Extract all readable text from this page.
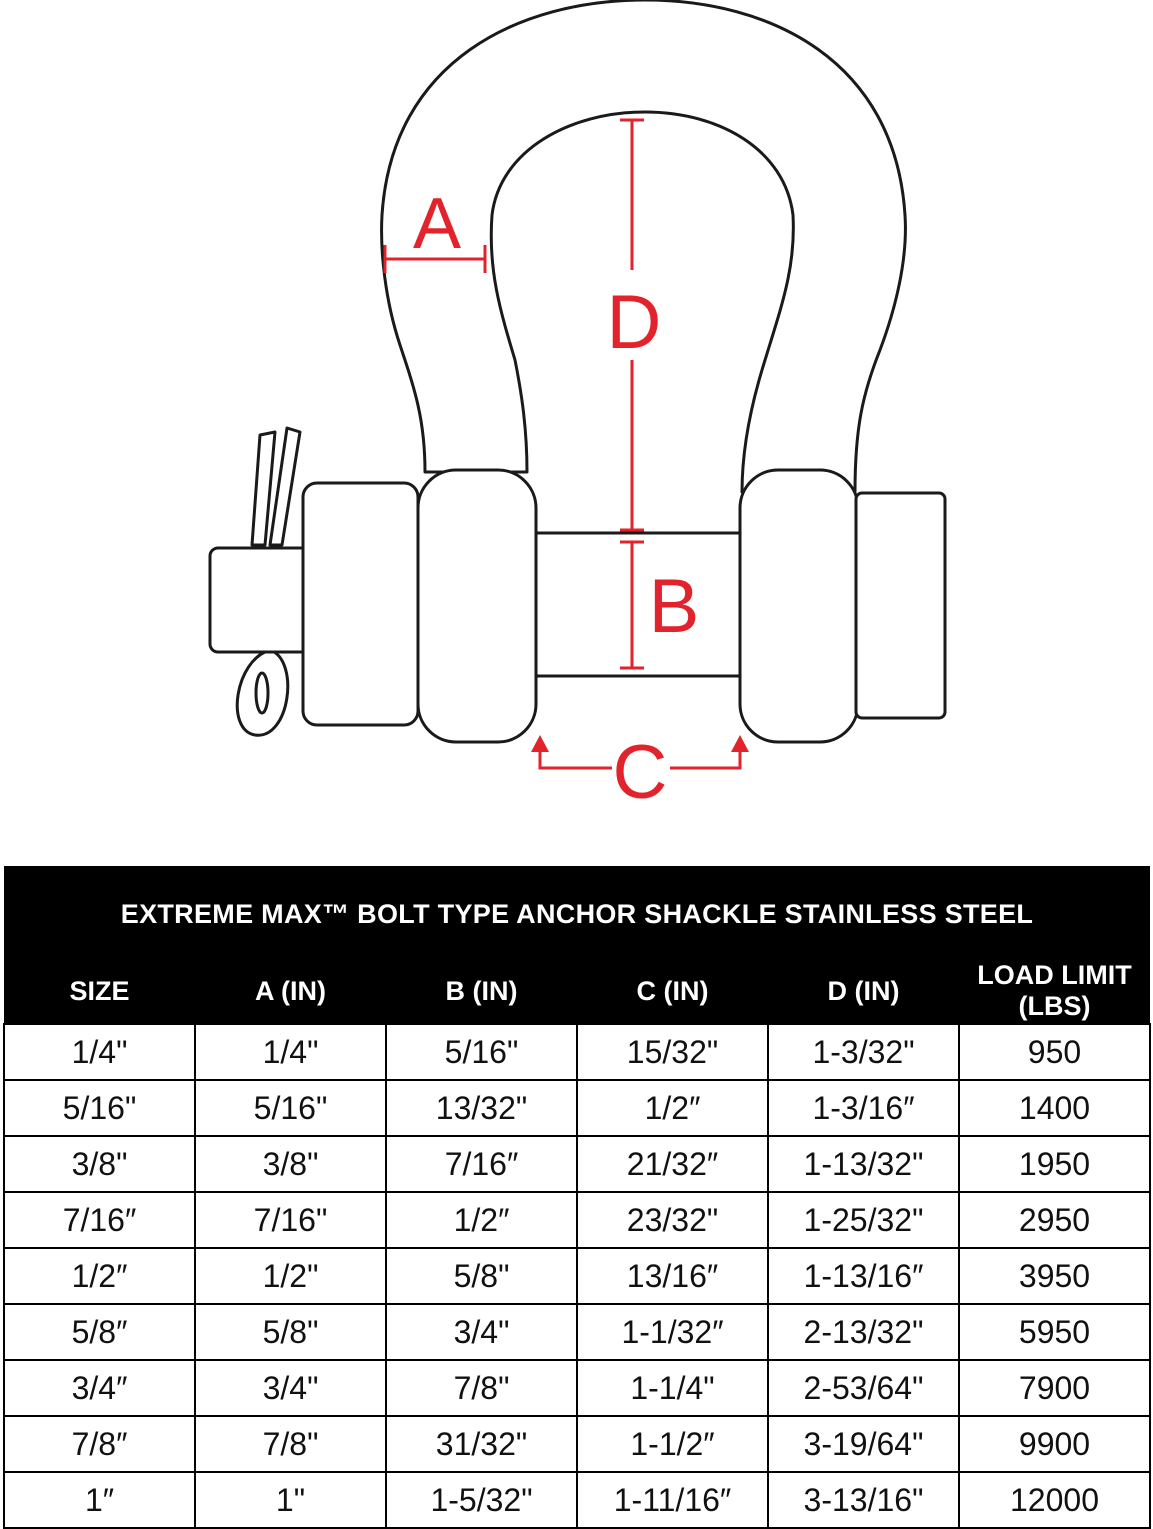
A
D
B
C
EXTREME MAX™ BOLT TYPE ANCHOR SHACKLE STAINLESS STEEL					
SIZE	A (IN)	B (IN)	C (IN)	D (IN)	LOAD LIMIT (LBS)
1/4"	1/4"	5/16"	15/32"	1-3/32"	950
5/16"	5/16"	13/32"	1/2″	1-3/16″	1400
3/8"	3/8"	7/16″	21/32″	1-13/32"	1950
7/16″	7/16"	1/2″	23/32"	1-25/32"	2950
1/2″	1/2"	5/8"	13/16″	1-13/16″	3950
5/8″	5/8"	3/4"	1-1/32″	2-13/32"	5950
3/4″	3/4"	7/8"	1-1/4"	2-53/64"	7900
7/8″	7/8"	31/32"	1-1/2″	3-19/64"	9900
1″	1"	1-5/32"	1-11/16″	3-13/16"	12000
